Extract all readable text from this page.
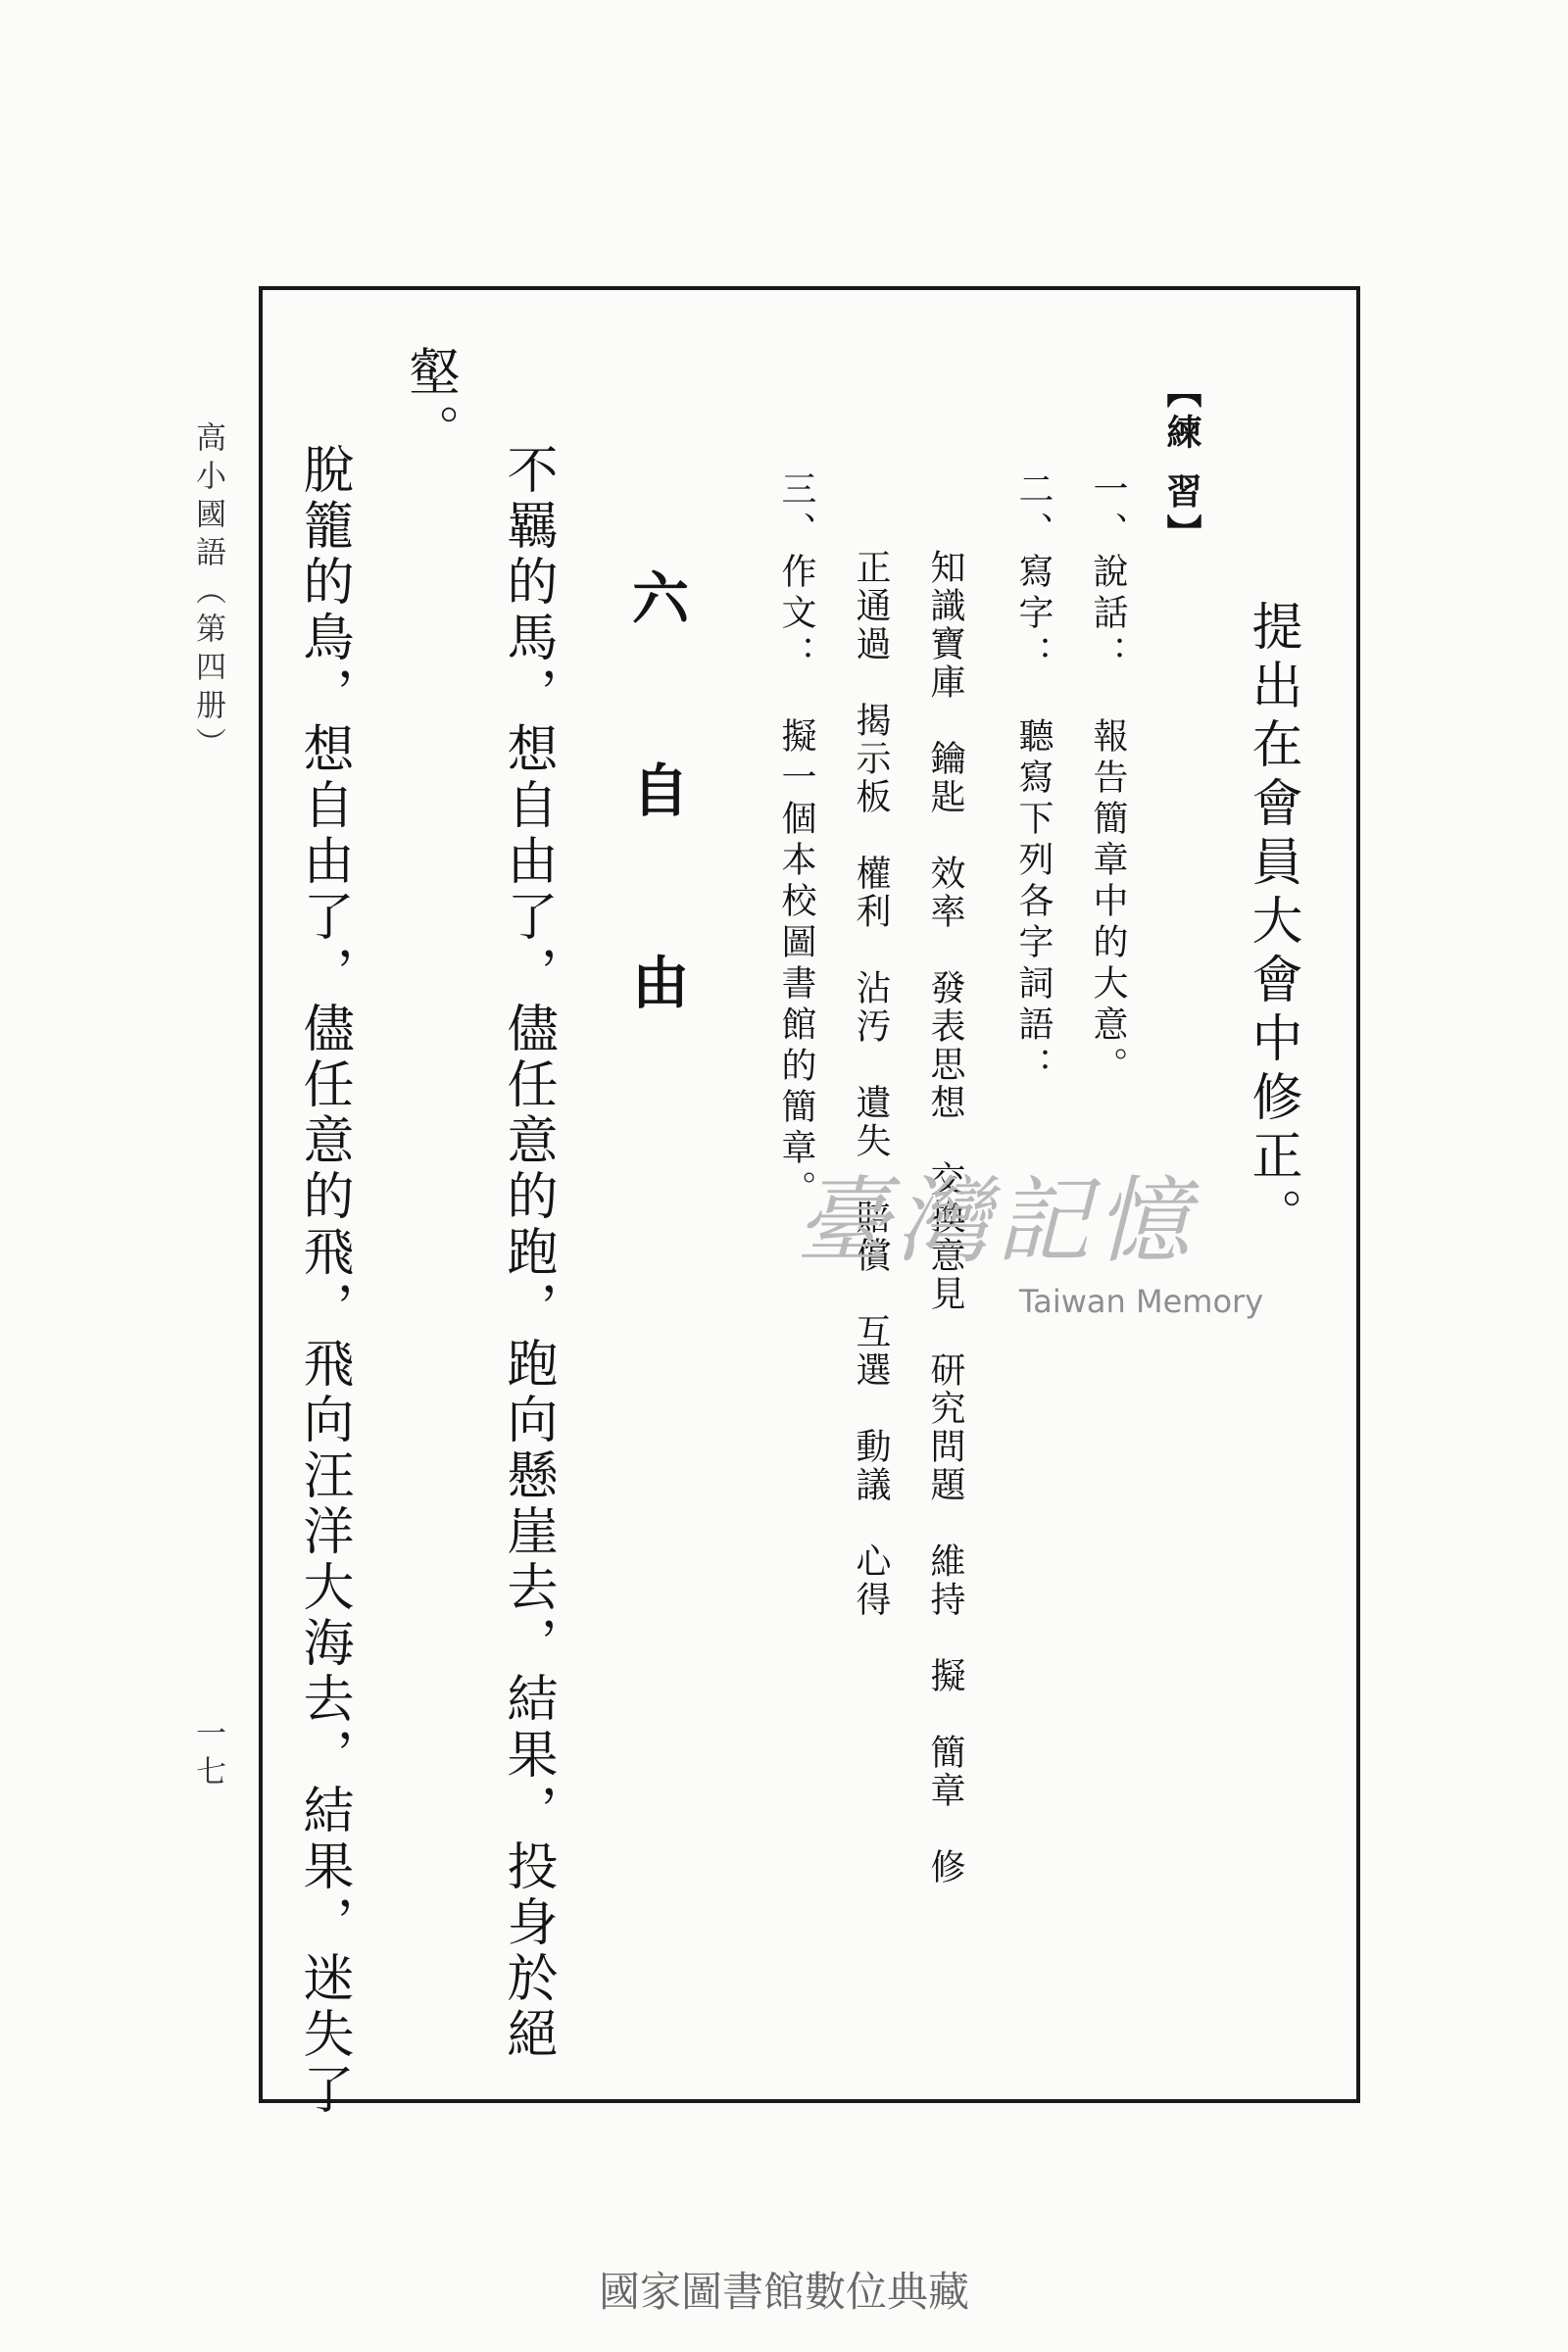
高小國語（第四册）
一七
提出在會員大會中修正。
【練 習】
一、說話：　報告簡章中的大意。
二、寫字：　聽寫下列各字詞語：
知識寶庫　鑰匙　效率　發表思想　交換意見　研究問題　維持　擬　簡章　修
正通過　揭示板　權利　沾汚　遺失　賠償　互選　動議　心得
三、作文：　擬一個本校圖書館的簡章。
六　自　由
不羈的馬，想自由了，儘任意的跑，跑向懸崖去，結果，投身於絕
壑。
脫籠的鳥，想自由了，儘任意的飛，飛向汪洋大海去，結果，迷失了	臺灣記憶
Taiwan Memory
國家圖書館數位典藏
